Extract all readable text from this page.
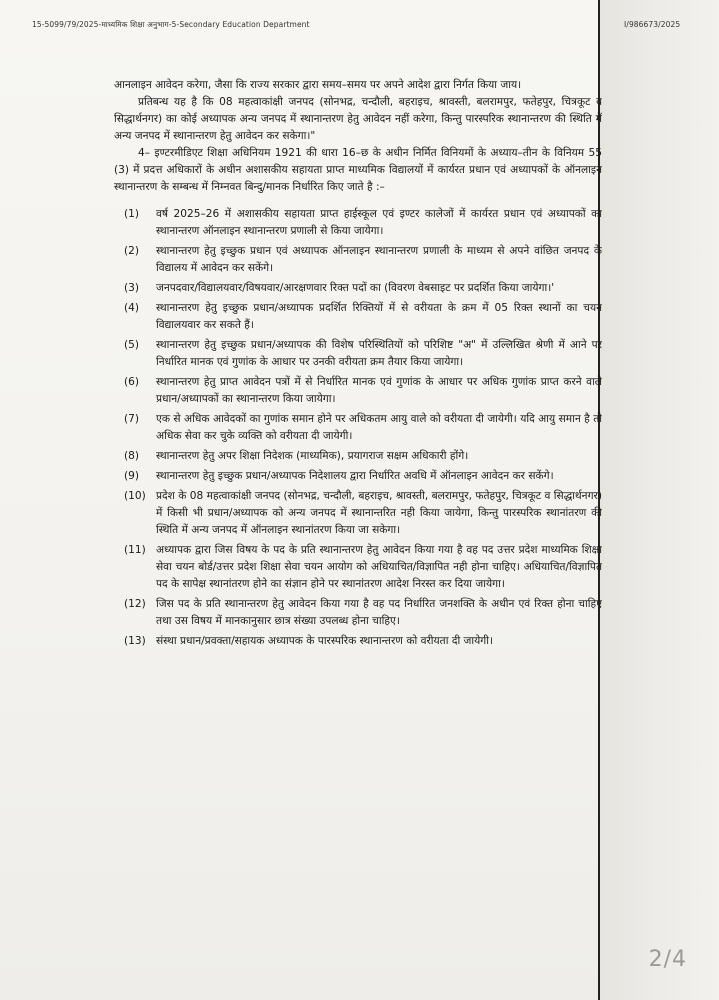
15-5099/79/2025-माध्यमिक शिक्षा अनुभाग-5-Secondary Education Department	I/986673/2025

आनलाइन आवेदन करेगा, जैसा कि राज्य सरकार द्वारा समय–समय पर अपने आदेश द्वारा निर्गत किया जाय।

प्रतिबन्ध यह है कि 08 महत्वाकांक्षी जनपद (सोनभद्र, चन्दौली, बहराइच, श्रावस्ती, बलरामपुर, फतेहपुर, चित्रकूट व सिद्धार्थनगर) का कोई अध्यापक अन्य जनपद में स्थानान्तरण हेतु आवेदन नहीं करेगा, किन्तु पारस्परिक स्थानान्तरण की स्थिति में अन्य जनपद में स्थानान्तरण हेतु आवेदन कर सकेगा।"

4– इण्टरमीडिएट शिक्षा अधिनियम 1921 की धारा 16–छ के अधीन निर्मित विनियमों के अध्याय–तीन के विनियम 55 (3) में प्रदत्त अधिकारों के अधीन अशासकीय सहायता प्राप्त माध्यमिक विद्यालयों में कार्यरत प्रधान एवं अध्यापकों के ऑनलाइन स्थानान्तरण के सम्बन्ध में निम्नवत बिन्दु/मानक निर्धारित किए जाते है :–

(1) वर्ष 2025–26 में अशासकीय सहायता प्राप्त हाईस्कूल एवं इण्टर कालेजों में कार्यरत प्रधान एवं अध्यापकों का स्थानान्तरण ऑनलाइन स्थानान्तरण प्रणाली से किया जायेगा।
(2) स्थानान्तरण हेतु इच्छुक प्रधान एवं अध्यापक ऑनलाइन स्थानान्तरण प्रणाली के माध्यम से अपने वांछित जनपद के विद्यालय में आवेदन कर सकेंगे।
(3) जनपदवार/विद्यालयवार/विषयवार/आरक्षणवार रिक्त पदों का (विवरण वेबसाइट पर प्रदर्शित किया जायेगा।'
(4) स्थानान्तरण हेतु इच्छुक प्रधान/अध्यापक प्रदर्शित रिक्तियों में से वरीयता के क्रम में 05 रिक्त स्थानों का चयन विद्यालयवार कर सकते हैं।
(5) स्थानान्तरण हेतु इच्छुक प्रधान/अध्यापक की विशेष परिस्थितियों को परिशिष्ट "अ" में उल्लिखित श्रेणी में आने पर निर्धारित मानक एवं गुणांक के आधार पर उनकी वरीयता क्रम तैयार किया जायेगा।
(6) स्थानान्तरण हेतु प्राप्त आवेदन पत्रों में से निर्धारित मानक एवं गुणांक के आधार पर अधिक गुणांक प्राप्त करने वाले प्रधान/अध्यापकों का स्थानान्तरण किया जायेगा।
(7) एक से अधिक आवेदकों का गुणांक समान होने पर अधिकतम आयु वाले को वरीयता दी जायेगी। यदि आयु समान है तो अधिक सेवा कर चुके व्यक्ति को वरीयता दी जायेगी।
(8) स्थानान्तरण हेतु अपर शिक्षा निदेशक (माध्यमिक), प्रयागराज सक्षम अधिकारी होंगे।
(9) स्थानान्तरण हेतु इच्छुक प्रधान/अध्यापक निदेशालय द्वारा निर्धारित अवधि में ऑनलाइन आवेदन कर सकेंगे।
(10) प्रदेश के 08 महत्वाकांक्षी जनपद (सोनभद्र, चन्दौली, बहराइच, श्रावस्ती, बलरामपुर, फतेहपुर, चित्रकूट व सिद्धार्थनगर) में किसी भी प्रधान/अध्यापक को अन्य जनपद में स्थानान्तरित नही किया जायेगा, किन्तु पारस्परिक स्थानांतरण की स्थिति में अन्य जनपद में ऑनलाइन स्थानांतरण किया जा सकेगा।
(11) अध्यापक द्वारा जिस विषय के पद के प्रति स्थानान्तरण हेतु आवेदन किया गया है वह पद उत्तर प्रदेश माध्यमिक शिक्षा सेवा चयन बोर्ड/उत्तर प्रदेश शिक्षा सेवा चयन आयोग को अधियाचित/विज्ञापित नही होना चाहिए। अधियाचित/विज्ञापित पद के सापेक्ष स्थानांतरण होने का संज्ञान होने पर स्थानांतरण आदेश निरस्त कर दिया जायेगा।
(12) जिस पद के प्रति स्थानान्तरण हेतु आवेदन किया गया है वह पद निर्धारित जनशक्ति के अधीन एवं रिक्त होना चाहिए तथा उस विषय में मानकानुसार छात्र संख्या उपलब्ध होना चाहिए।
(13) संस्था प्रधान/प्रवक्ता/सहायक अध्यापक के पारस्परिक स्थानान्तरण को वरीयता दी जायेगी।
2/4
